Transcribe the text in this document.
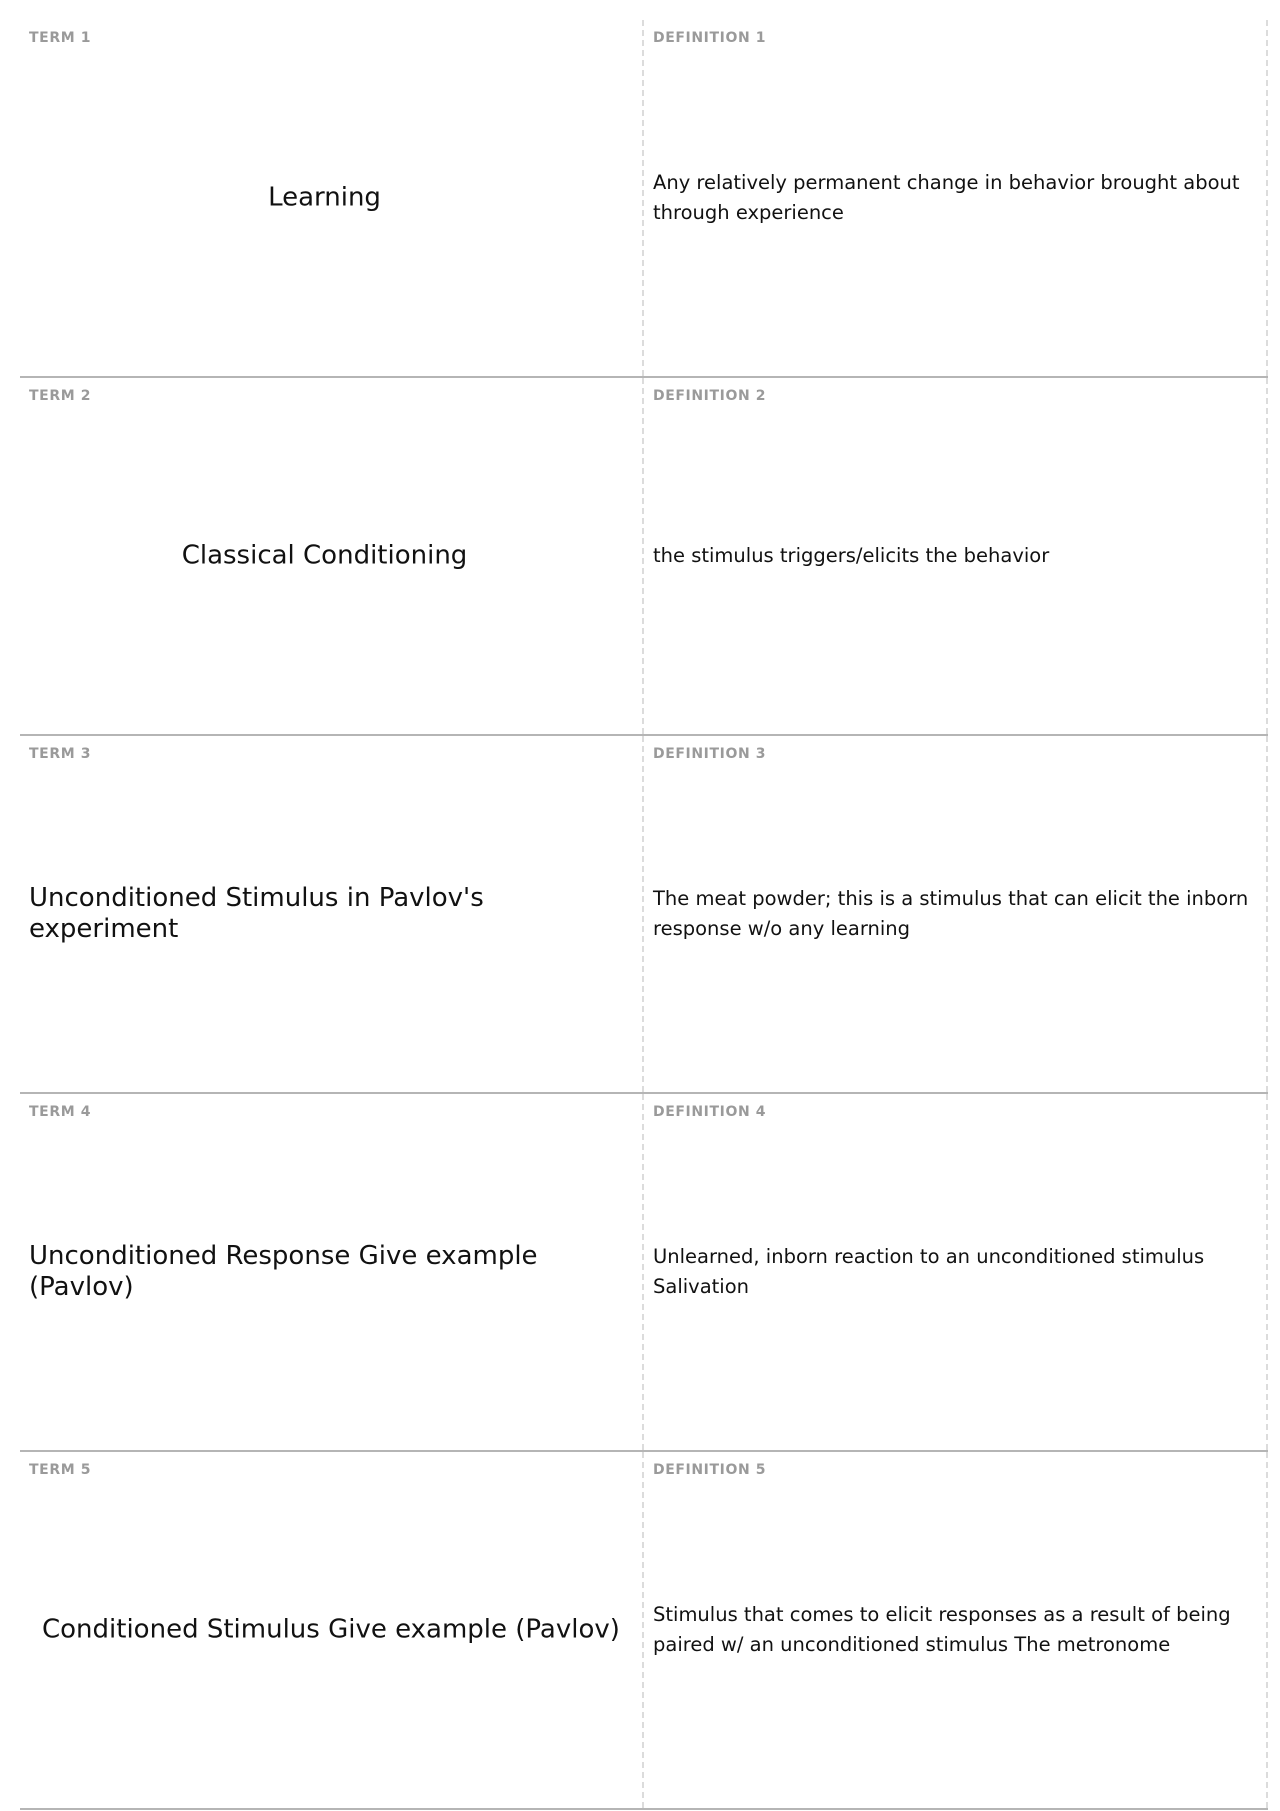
TERM 1
Learning
DEFINITION 1
Any relatively permanent change in behavior brought about through experience
TERM 2
Classical Conditioning
DEFINITION 2
the stimulus triggers/elicits the behavior
TERM 3
Unconditioned Stimulus in Pavlov's experiment
DEFINITION 3
The meat powder; this is a stimulus that can elicit the inborn response w/o any learning
TERM 4
Unconditioned Response Give example (Pavlov)
DEFINITION 4
Unlearned, inborn reaction to an unconditioned stimulus Salivation
TERM 5
Conditioned Stimulus Give example (Pavlov)
DEFINITION 5
Stimulus that comes to elicit responses as a result of being paired w/ an unconditioned stimulus The metronome
